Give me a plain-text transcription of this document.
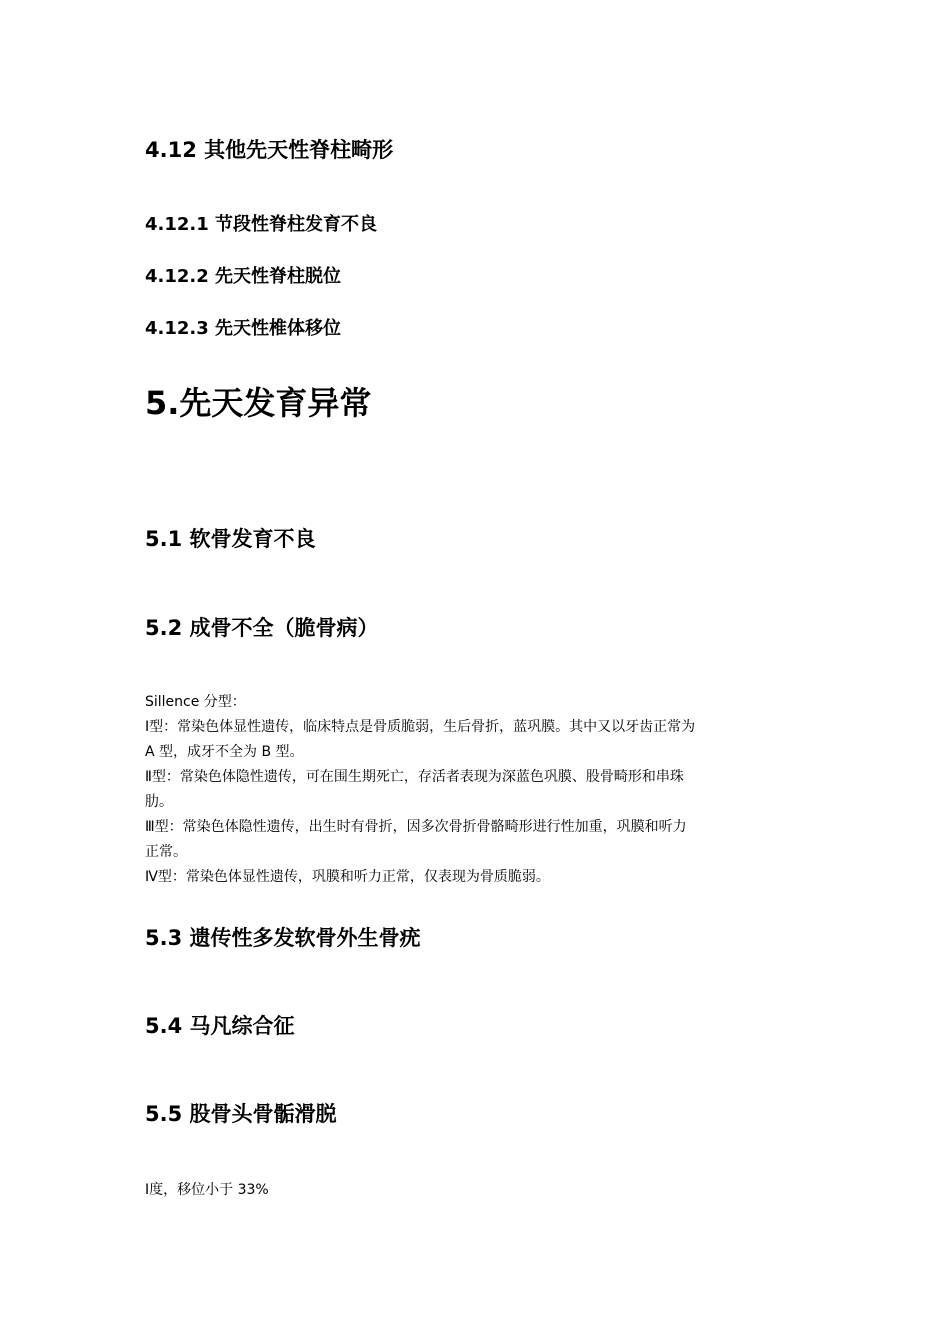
4.12 其他先天性脊柱畸形
4.12.1 节段性脊柱发育不良
4.12.2 先天性脊柱脱位
4.12.3 先天性椎体移位
5.先天发育异常
5.1 软骨发育不良
5.2 成骨不全（脆骨病）

Sillence 分型：

Ⅰ型：常染色体显性遗传，临床特点是骨质脆弱，生后骨折，蓝巩膜。其中又以牙齿正常为

A 型，成牙不全为 B 型。

Ⅱ型：常染色体隐性遗传，可在围生期死亡，存活者表现为深蓝色巩膜、股骨畸形和串珠

肋。

Ⅲ型：常染色体隐性遗传，出生时有骨折，因多次骨折骨骼畸形进行性加重，巩膜和听力

正常。

Ⅳ型：常染色体显性遗传，巩膜和听力正常，仅表现为骨质脆弱。

5.3 遗传性多发软骨外生骨疣
5.4 马凡综合征
5.5 股骨头骨骺滑脱

Ⅰ度，移位小于 33%
